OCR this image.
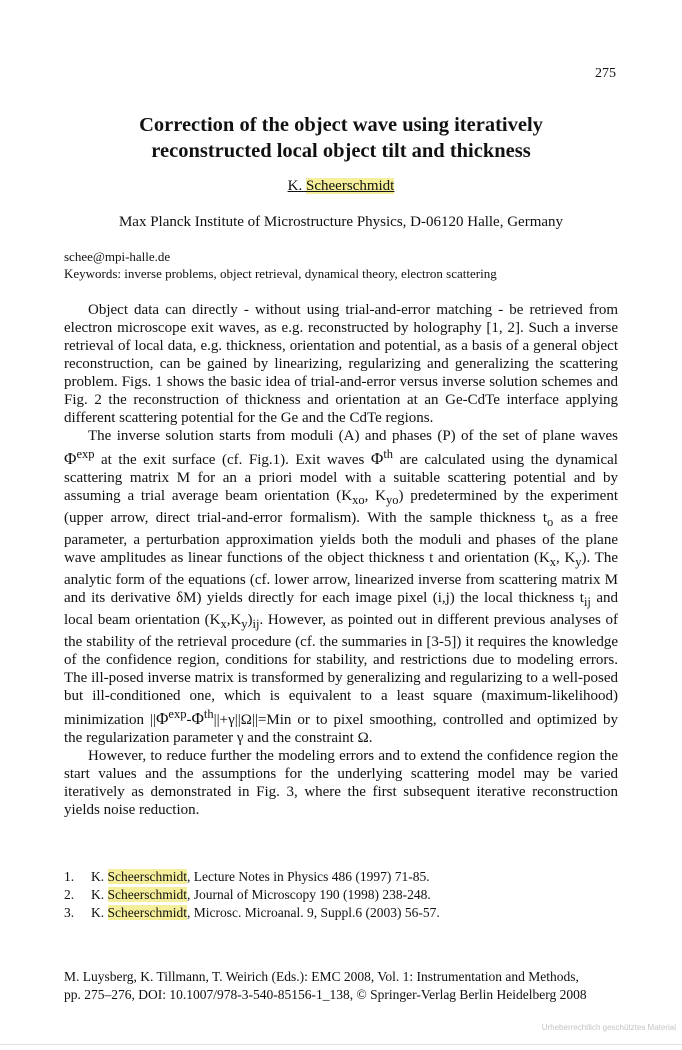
275
Correction of the object wave using iteratively
reconstructed local object tilt and thickness
K. Scheerschmidt
Max Planck Institute of Microstructure Physics, D-06120 Halle, Germany
schee@mpi-halle.de
Keywords: inverse problems, object retrieval, dynamical theory, electron scattering

Object data can directly - without using trial-and-error matching - be retrieved from electron microscope exit waves, as e.g. reconstructed by holography [1, 2]. Such a inverse retrieval of local data, e.g. thickness, orientation and potential, as a basis of a general object reconstruction, can be gained by linearizing, regularizing and generalizing the scattering problem. Figs. 1 shows the basic idea of trial-and-error versus inverse solution schemes and Fig. 2 the reconstruction of thickness and orientation at an Ge-CdTe interface applying different scattering potential for the Ge and the CdTe regions.

The inverse solution starts from moduli (A) and phases (P) of the set of plane waves $\Phi^{exp}$ at the exit surface (cf. Fig.1). Exit waves $\Phi^{th}$ are calculated using the dynamical scattering matrix M for an a priori model with a suitable scattering potential and by assuming a trial average beam orientation ($K_{xo}$, $K_{yo}$) predetermined by the experiment (upper arrow, direct trial-and-error formalism). With the sample thickness $t_o$ as a free parameter, a perturbation approximation yields both the moduli and phases of the plane wave amplitudes as linear functions of the object thickness t and orientation ($K_x$, $K_y$). The analytic form of the equations (cf. lower arrow, linearized inverse from scattering matrix M and its derivative δM) yields directly for each image pixel (i,j) the local thickness $t_{ij}$ and local beam orientation $(K_x,K_y)_{ij}$. However, as pointed out in different previous analyses of the stability of the retrieval procedure (cf. the summaries in [3-5]) it requires the knowledge of the confidence region, conditions for stability, and restrictions due to modeling errors. The ill-posed inverse matrix is transformed by generalizing and regularizing to a well-posed but ill-conditioned one, which is equivalent to a least square (maximum-likelihood) minimization $||\Phi^{exp}-\Phi^{th}||+\gamma||\Omega||=Min$ or to pixel smoothing, controlled and optimized by the regularization parameter γ and the constraint Ω.

However, to reduce further the modeling errors and to extend the confidence region the start values and the assumptions for the underlying scattering model may be varied iteratively as demonstrated in Fig. 3, where the first subsequent iterative reconstruction yields noise reduction.

1. K. Scheerschmidt, Lecture Notes in Physics 486 (1997) 71-85.
2. K. Scheerschmidt, Journal of Microscopy 190 (1998) 238-248.
3. K. Scheerschmidt, Microsc. Microanal. 9, Suppl.6 (2003) 56-57.
M. Luysberg, K. Tillmann, T. Weirich (Eds.): EMC 2008, Vol. 1: Instrumentation and Methods,
pp. 275–276, DOI: 10.1007/978-3-540-85156-1_138, © Springer-Verlag Berlin Heidelberg 2008
Urheberrechtlich geschütztes Material
